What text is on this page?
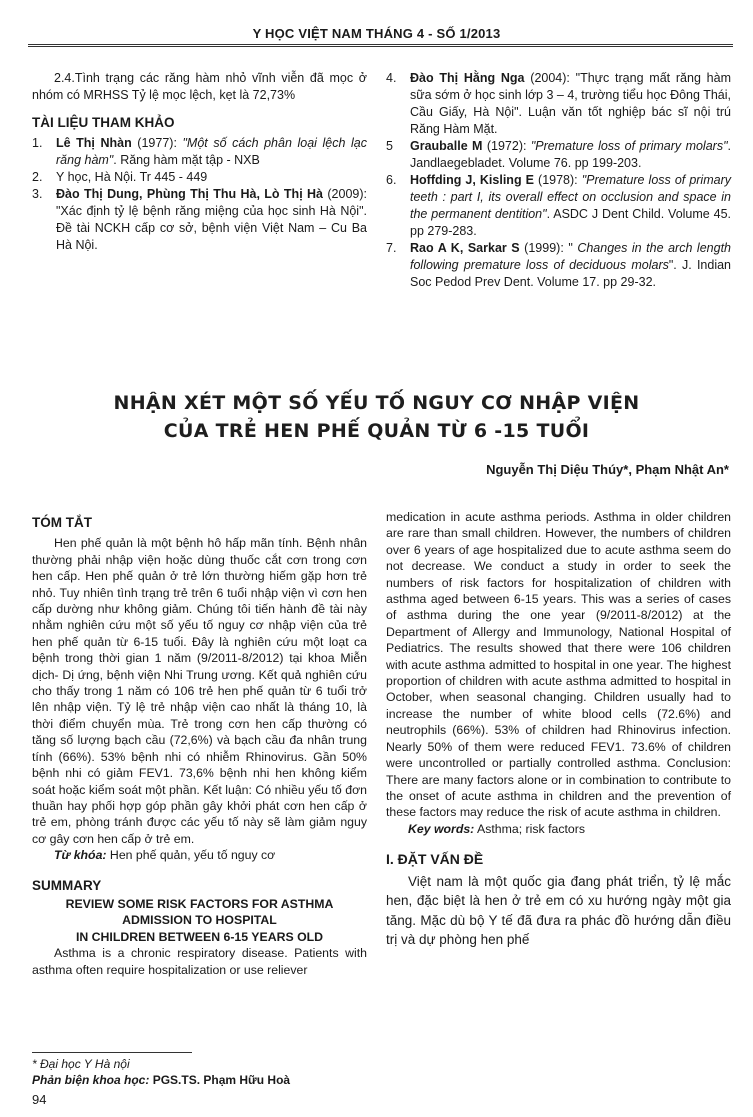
Y HỌC VIỆT NAM THÁNG 4 - SỐ 1/2013

2.4.Tình trạng các răng hàm nhỏ vĩnh viễn đã mọc ở nhóm có MRHSS Tỷ lệ mọc lệch, kẹt là 72,73%

TÀI LIỆU THAM KHẢO
1.	Lê Thị Nhàn (1977): "Một số cách phân loại lệch lạc răng hàm". Răng hàm mặt tập - NXB
2.	Y học, Hà Nội. Tr 445 - 449
3.	Đào Thị Dung, Phùng Thị Thu Hà, Lò Thị Hà (2009): "Xác định tỷ lệ bệnh răng miệng của học sinh Hà Nội". Đề tài NCKH cấp cơ sở, bệnh viện Việt Nam – Cu Ba Hà Nội.
4.	Đào Thị Hằng Nga (2004): "Thực trạng mất răng hàm sữa sớm ở học sinh lớp 3 – 4, trường tiểu học Đông Thái, Cầu Giấy, Hà Nội". Luận văn tốt nghiệp bác sĩ nội trú Răng Hàm Mặt.
5	Grauballe M (1972): "Premature loss of primary molars". Jandlaegebladet. Volume 76. pp 199-203.
6.	Hoffding J, Kisling E (1978): "Premature loss of primary teeth : part I, its overall effect on occlusion and space in the permanent dentition". ASDC J Dent Child. Volume 45. pp 279-283.
7.	Rao A K, Sarkar S (1999): " Changes in the arch length following premature loss of deciduous molars". J. Indian Soc Pedod Prev Dent. Volume 17. pp 29-32.
NHẬN XÉT MỘT SỐ YẾU TỐ NGUY CƠ NHẬP VIỆN
CỦA TRẺ HEN PHẾ QUẢN TỪ 6 -15 TUỔI
Nguyễn Thị Diệu Thúy*, Phạm Nhật An*
TÓM TẮT

Hen phế quản là một bệnh hô hấp mãn tính. Bệnh nhân thường phải nhập viện hoặc dùng thuốc cắt cơn trong cơn hen cấp. Hen phế quản ở trẻ lớn thường hiếm gặp hơn trẻ nhỏ. Tuy nhiên tình trạng trẻ trên 6 tuổi nhập viện vì cơn hen cấp dường như không giảm. Chúng tôi tiến hành đề tài này nhằm nghiên cứu một số yếu tố nguy cơ nhập viện của trẻ hen phế quản từ 6-15 tuổi. Đây là nghiên cứu một loạt ca bệnh trong thời gian 1 năm (9/2011-8/2012) tại khoa Miễn dịch- Dị ứng, bệnh viện Nhi Trung ương. Kết quả nghiên cứu cho thấy trong 1 năm có 106 trẻ hen phế quản từ 6 tuổi trở lên nhập viện. Tỷ lệ trẻ nhập viện cao nhất là tháng 10, là thời điểm chuyển mùa. Trẻ trong cơn hen cấp thường có tăng số lượng bạch cầu (72,6%) và bạch cầu đa nhân trung tính (66%). 53% bệnh nhi có nhiễm Rhinovirus. Gần 50% bệnh nhi có giảm FEV1. 73,6% bệnh nhi hen không kiểm soát hoặc kiểm soát một phần. Kết luận: Có nhiều yếu tố đơn thuần hay phối hợp góp phần gây khởi phát cơn hen cấp ở trẻ em, phòng tránh được các yếu tố này sẽ làm giảm nguy cơ gây cơn hen cấp ở trẻ em.

Từ khóa: Hen phế quản, yếu tố nguy cơ

SUMMARY
REVIEW SOME RISK FACTORS FOR ASTHMA
ADMISSION TO HOSPITAL
IN CHILDREN BETWEEN 6-15 YEARS OLD

Asthma is a chronic respiratory disease. Patients with asthma often require hospitalization or use reliever

medication in acute asthma periods. Asthma in older children are rare than small children. However, the numbers of children over 6 years of age hospitalized due to acute asthma seem do not decrease. We conduct a study in order to seek the numbers of risk factors for hospitalization of children with asthma aged between 6-15 years. This was a series of cases of asthma during the one year (9/2011-8/2012) at the Department of Allergy and Immunology, National Hospital of Pediatrics. The results showed that there were 106 children with acute asthma admitted to hospital in one year. The highest proportion of children with acute asthma admitted to hospital in October, when seasonal changing. Children usually had to increase the number of white blood cells (72.6%) and neutrophils (66%). 53% of children had Rhinovirus infection. Nearly 50% of them were reduced FEV1. 73.6% of children were uncontrolled or partially controlled asthma. Conclusion: There are many factors alone or in combination to contribute to the onset of acute asthma in children and the prevention of these factors may reduce the risk of acute asthma in children.

Key words: Asthma; risk factors

I. ĐẶT VẤN ĐỀ

Việt nam là một quốc gia đang phát triển, tỷ lệ mắc hen, đặc biệt là hen ở trẻ em có xu hướng ngày một gia tăng. Mặc dù bộ Y tế đã đưa ra phác đồ hướng dẫn điều trị và dự phòng hen phế

* Đại học Y Hà nội
Phản biện khoa học: PGS.TS. Phạm Hữu Hoà
94
